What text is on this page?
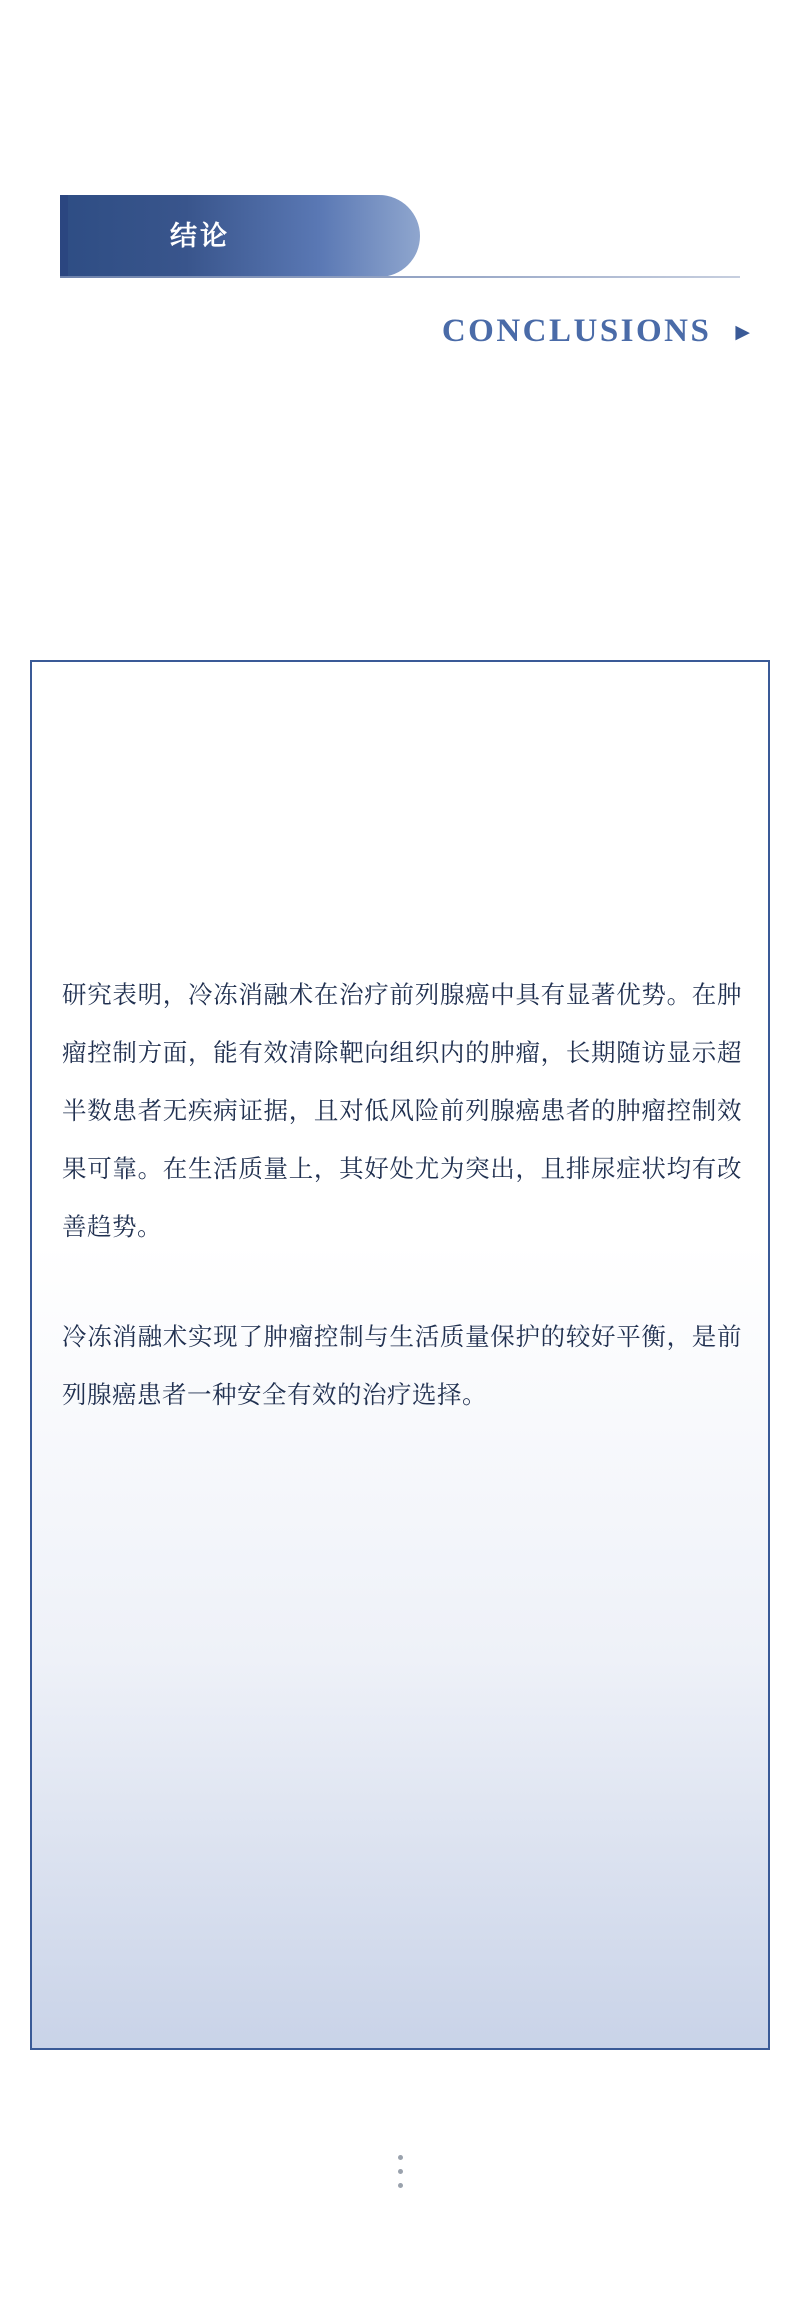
结论
CONCLUSIONS ▶

研究表明，冷冻消融术在治疗前列腺癌中具有显著优势。在肿瘤控制方面，能有效清除靶向组织内的肿瘤，长期随访显示超半数患者无疾病证据，且对低风险前列腺癌患者的肿瘤控制效果可靠。在生活质量上，其好处尤为突出，且排尿症状均有改善趋势。

冷冻消融术实现了肿瘤控制与生活质量保护的较好平衡，是前列腺癌患者一种安全有效的治疗选择。
